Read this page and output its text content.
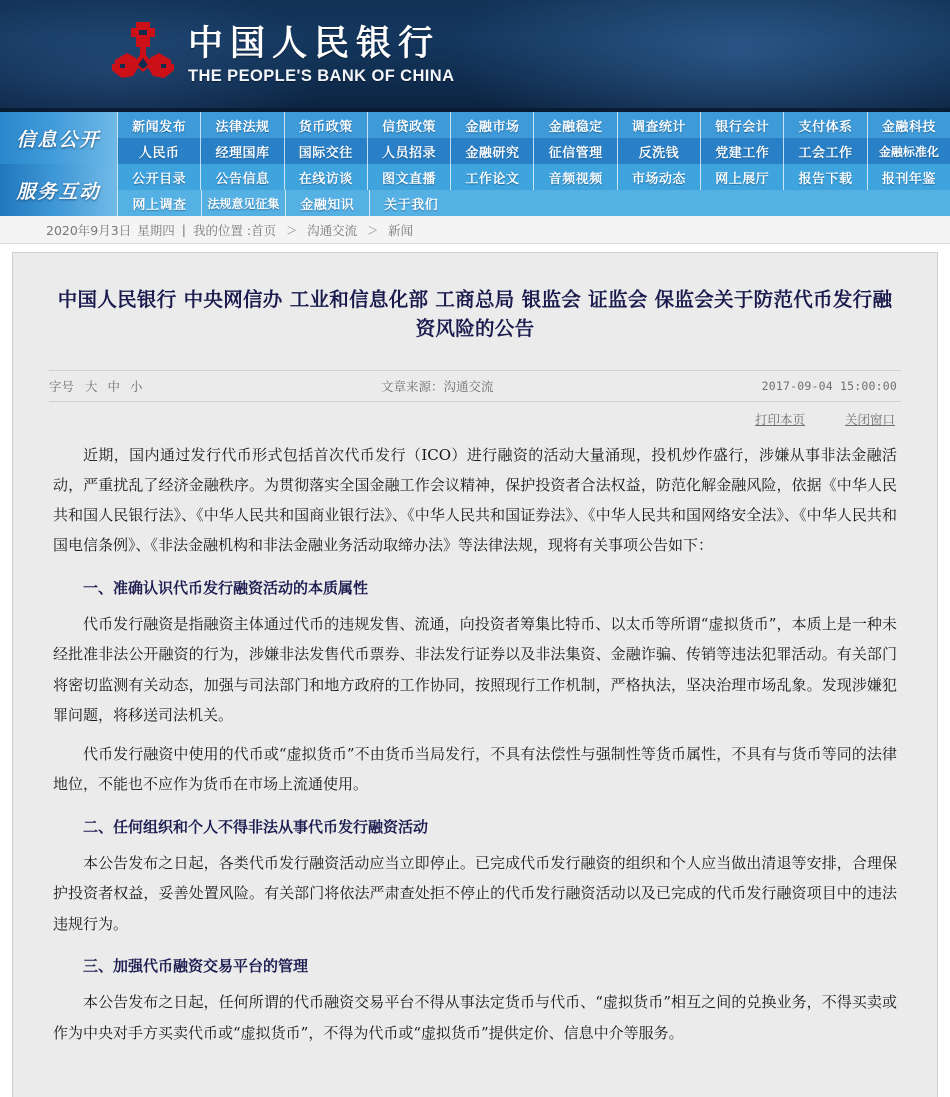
中国人民银行
THE PEOPLE'S BANK OF CHINA
信息公开
新闻发布	法律法规	货币政策	信贷政策	金融市场	金融稳定	调查统计	银行会计	支付体系	金融科技
人民币	经理国库	国际交往	人员招录	金融研究	征信管理	反洗钱	党建工作	工会工作	金融标准化
服务互动
公开目录	公告信息	在线访谈	图文直播	工作论文	音频视频	市场动态	网上展厅	报告下载	报刊年鉴
网上调查	法规意见征集	金融知识	关于我们
2020年9月3日 星期四 | 我的位置 : 首页 ＞ 沟通交流 ＞ 新闻
中国人民银行 中央网信办 工业和信息化部 工商总局 银监会 证监会 保监会关于防范代币发行融资风险的公告
字号 大 中 小	文章来源：沟通交流	2017-09-04 15:00:00
打印本页	关闭窗口

近期，国内通过发行代币形式包括首次代币发行（ICO）进行融资的活动大量涌现，投机炒作盛行，涉嫌从事非法金融活动，严重扰乱了经济金融秩序。为贯彻落实全国金融工作会议精神，保护投资者合法权益，防范化解金融风险，依据《中华人民共和国人民银行法》、《中华人民共和国商业银行法》、《中华人民共和国证券法》、《中华人民共和国网络安全法》、《中华人民共和国电信条例》、《非法金融机构和非法金融业务活动取缔办法》等法律法规，现将有关事项公告如下：

一、准确认识代币发行融资活动的本质属性

代币发行融资是指融资主体通过代币的违规发售、流通，向投资者筹集比特币、以太币等所谓“虚拟货币”，本质上是一种未经批准非法公开融资的行为，涉嫌非法发售代币票券、非法发行证券以及非法集资、金融诈骗、传销等违法犯罪活动。有关部门将密切监测有关动态，加强与司法部门和地方政府的工作协同，按照现行工作机制，严格执法，坚决治理市场乱象。发现涉嫌犯罪问题，将移送司法机关。

代币发行融资中使用的代币或“虚拟货币”不由货币当局发行，不具有法偿性与强制性等货币属性，不具有与货币等同的法律地位，不能也不应作为货币在市场上流通使用。

二、任何组织和个人不得非法从事代币发行融资活动

本公告发布之日起，各类代币发行融资活动应当立即停止。已完成代币发行融资的组织和个人应当做出清退等安排，合理保护投资者权益，妥善处置风险。有关部门将依法严肃查处拒不停止的代币发行融资活动以及已完成的代币发行融资项目中的违法违规行为。

三、加强代币融资交易平台的管理

本公告发布之日起，任何所谓的代币融资交易平台不得从事法定货币与代币、“虚拟货币”相互之间的兑换业务，不得买卖或作为中央对手方买卖代币或“虚拟货币”，不得为代币或“虚拟货币”提供定价、信息中介等服务。
